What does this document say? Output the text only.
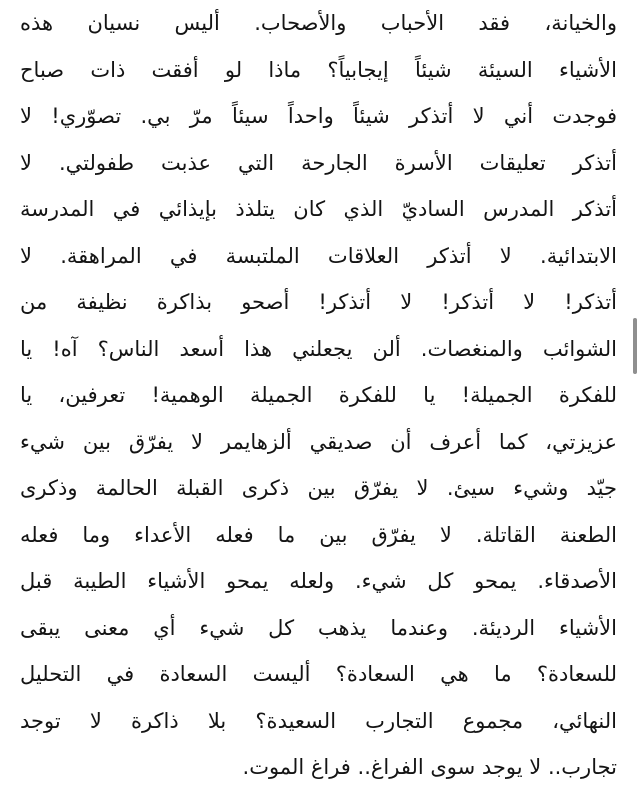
والخيانة، فقد الأحباب والأصحاب. أليس نسيان هذه
الأشياء السيئة شيئاً إيجابياً؟ ماذا لو أفقت ذات صباح
فوجدت أني لا أتذكر شيئاً واحداً سيئاً مرّ بي. تصوّري! لا
أتذكر تعليقات الأسرة الجارحة التي عذبت طفولتي. لا
أتذكر المدرس الساديّ الذي كان يتلذذ بإيذائي في المدرسة
الابتدائية. لا أتذكر العلاقات الملتبسة في المراهقة. لا
أتذكر! لا أتذكر! لا أتذكر! أصحو بذاكرة نظيفة من
الشوائب والمنغصات. ألن يجعلني هذا أسعد الناس؟ آه! يا
للفكرة الجميلة! يا للفكرة الجميلة الوهمية! تعرفين، يا
عزيزتي، كما أعرف أن صديقي ألزهايمر لا يفرّق بين شيء
جيّد وشيء سيئ. لا يفرّق بين ذكرى القبلة الحالمة وذكرى
الطعنة القاتلة. لا يفرّق بين ما فعله الأعداء وما فعله
الأصدقاء. يمحو كل شيء. ولعله يمحو الأشياء الطيبة قبل
الأشياء الرديئة. وعندما يذهب كل شيء أي معنى يبقى
للسعادة؟ ما هي السعادة؟ أليست السعادة في التحليل
النهائي، مجموع التجارب السعيدة؟ بلا ذاكرة لا توجد
تجارب.. لا يوجد سوى الفراغ.. فراغ الموت.
